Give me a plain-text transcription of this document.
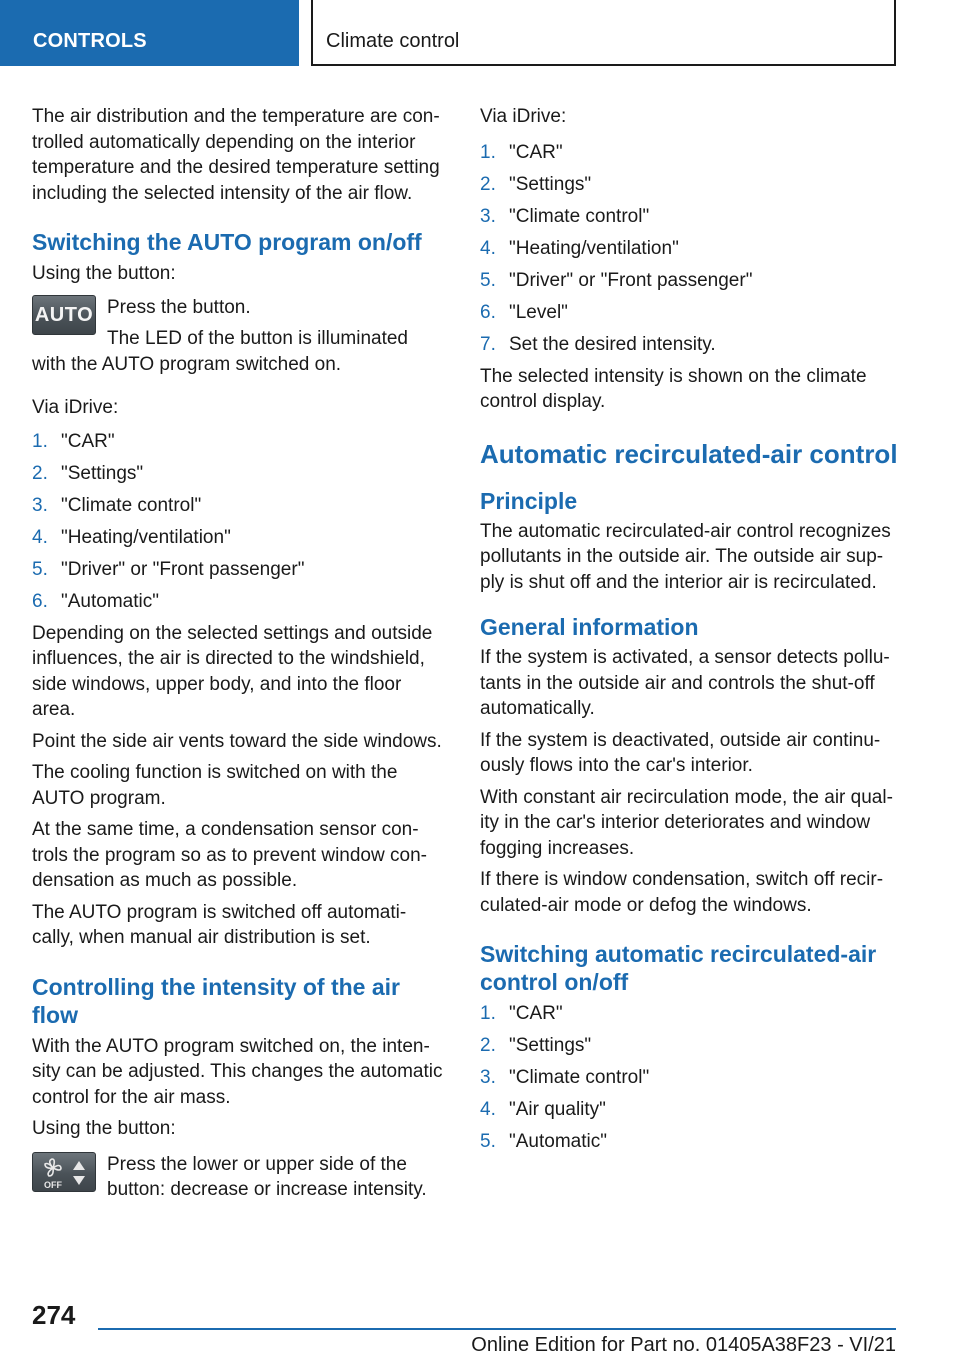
CONTROLS	Climate control

The air distribution and the temperature are con-trolled automatically depending on the interior temperature and the desired temperature setting including the selected intensity of the air flow.

Switching the AUTO program on/off

Using the button:

AUTO Press the button.

The LED of the button is illuminated with the AUTO program switched on.

Via iDrive:

1. "CAR"
2. "Settings"
3. "Climate control"
4. "Heating/ventilation"
5. "Driver" or "Front passenger"
6. "Automatic"

Depending on the selected settings and outside influences, the air is directed to the windshield, side windows, upper body, and into the floor area.

Point the side air vents toward the side windows.

The cooling function is switched on with the AUTO program.

At the same time, a condensation sensor con-trols the program so as to prevent window con-densation as much as possible.

The AUTO program is switched off automati-cally, when manual air distribution is set.

Controlling the intensity of the air flow

With the AUTO program switched on, the inten-sity can be adjusted. This changes the automatic control for the air mass.

Using the button:

OFF

Press the lower or upper side of the button: decrease or increase intensity.

Via iDrive:

1. "CAR"
2. "Settings"
3. "Climate control"
4. "Heating/ventilation"
5. "Driver" or "Front passenger"
6. "Level"
7. Set the desired intensity.

The selected intensity is shown on the climate control display.

Automatic recirculated-air control
Principle

The automatic recirculated-air control recognizes pollutants in the outside air. The outside air sup-ply is shut off and the interior air is recirculated.

General information

If the system is activated, a sensor detects pollu-tants in the outside air and controls the shut-off automatically.

If the system is deactivated, outside air continu-ously flows into the car's interior.

With constant air recirculation mode, the air qual-ity in the car's interior deteriorates and window fogging increases.

If there is window condensation, switch off recir-culated-air mode or defog the windows.

Switching automatic recirculated-air control on/off
1. "CAR"
2. "Settings"
3. "Climate control"
4. "Air quality"
5. "Automatic"
274
Online Edition for Part no. 01405A38F23 - VI/21
